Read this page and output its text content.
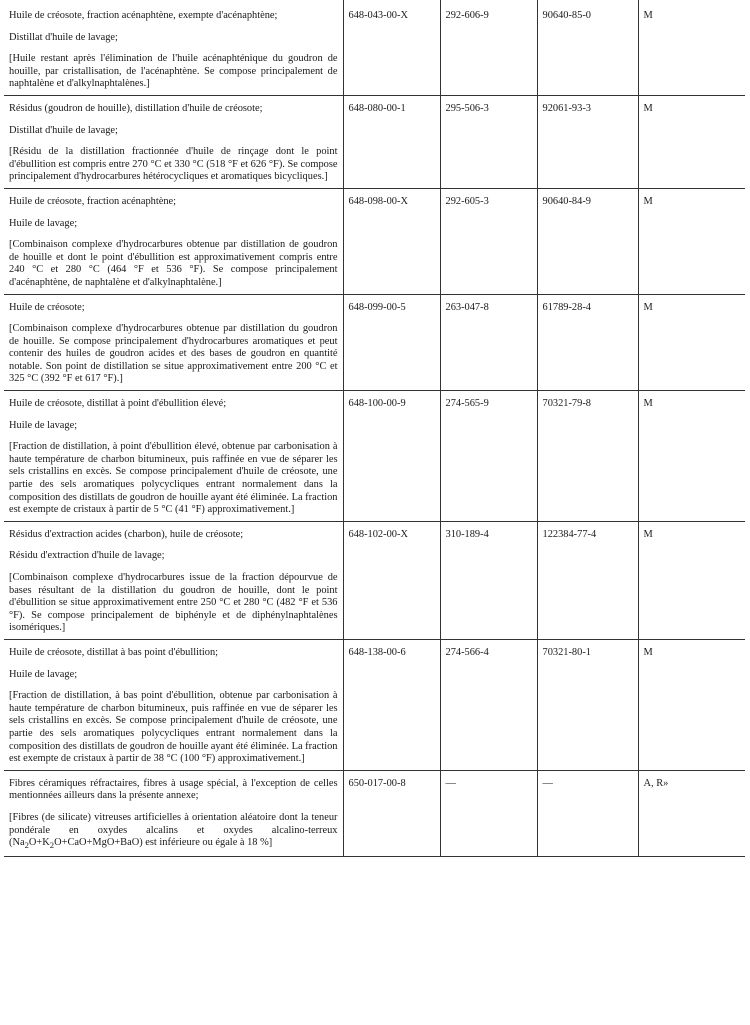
Huile de créosote, fraction acénaphtène, exempte d'acénaphtène;

Distillat d'huile de lavage;

[Huile restant après l'élimination de l'huile acénaphténique du goudron de houille, par cristallisation, de l'acénaphtène. Se compose principalement de naphtalène et d'alkylnaphtalènes.]	648-043-00-X	292-606-9	90640-85-0	M

Résidus (goudron de houille), distillation d'huile de créosote;

Distillat d'huile de lavage;

[Résidu de la distillation fractionnée d'huile de rinçage dont le point d'ébullition est compris entre 270 °C et 330 °C (518 °F et 626 °F). Se compose principalement d'hydrocarbures hétérocycliques et aromatiques bicycliques.]	648-080-00-1	295-506-3	92061-93-3	M

Huile de créosote, fraction acénaphtène;

Huile de lavage;

[Combinaison complexe d'hydrocarbures obtenue par distillation de goudron de houille et dont le point d'ébullition est approximativement compris entre 240 °C et 280 °C (464 °F et 536 °F). Se compose principalement d'acénaphtène, de naphtalène et d'alkylnaphtalène.]	648-098-00-X	292-605-3	90640-84-9	M

Huile de créosote;

[Combinaison complexe d'hydrocarbures obtenue par distillation du goudron de houille. Se compose principalement d'hydrocarbures aromatiques et peut contenir des huiles de goudron acides et des bases de goudron en quantité notable. Son point de distillation se situe approximativement entre 200 °C et 325 °C (392 °F et 617 °F).]	648-099-00-5	263-047-8	61789-28-4	M

Huile de créosote, distillat à point d'ébullition élevé;

Huile de lavage;

[Fraction de distillation, à point d'ébullition élevé, obtenue par carbonisation à haute température de charbon bitumineux, puis raffinée en vue de séparer les sels cristallins en excès. Se compose principalement d'huile de créosote, une partie des sels aromatiques polycycliques entrant normalement dans la composition des distillats de goudron de houille ayant été éliminée. La fraction est exempte de cristaux à partir de 5 °C (41 °F) approximativement.]	648-100-00-9	274-565-9	70321-79-8	M

Résidus d'extraction acides (charbon), huile de créosote;

Résidu d'extraction d'huile de lavage;

[Combinaison complexe d'hydrocarbures issue de la fraction dépourvue de bases résultant de la distillation du goudron de houille, dont le point d'ébullition se situe approximativement entre 250 °C et 280 °C (482 °F et 536 °F). Se compose principalement de biphényle et de diphénylnaphtalènes isomériques.]	648-102-00-X	310-189-4	122384-77-4	M

Huile de créosote, distillat à bas point d'ébullition;

Huile de lavage;

[Fraction de distillation, à bas point d'ébullition, obtenue par carbonisation à haute température de charbon bitumineux, puis raffinée en vue de séparer les sels cristallins en excès. Se compose principalement d'huile de créosote, une partie des sels aromatiques polycycliques entrant normalement dans la composition des distillats de goudron de houille ayant été éliminée. La fraction est exempte de cristaux à partir de 38 °C (100 °F) approximativement.]	648-138-00-6	274-566-4	70321-80-1	M

Fibres céramiques réfractaires, fibres à usage spécial, à l'exception de celles mentionnées ailleurs dans la présente annexe;

[Fibres (de silicate) vitreuses artificielles à orientation aléatoire dont la teneur pondérale en oxydes alcalins et oxydes alcalino-terreux $(Na_2O+K_2O+CaO+MgO+BaO)$ est inférieure ou égale à 18 %]	650-017-00-8	—	—	A, R»
